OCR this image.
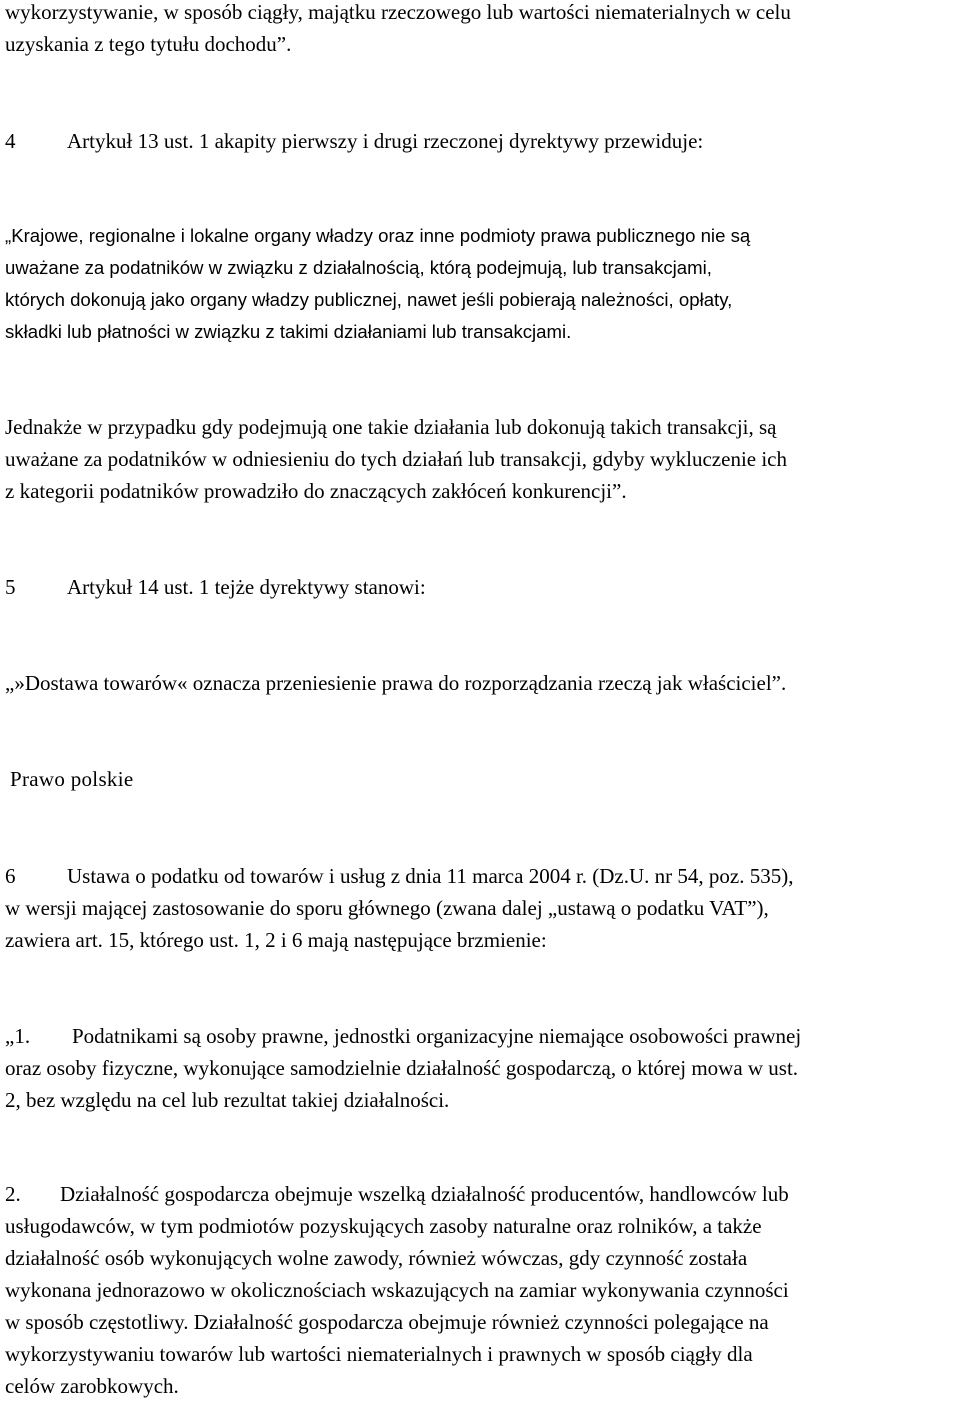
wykorzystywanie, w sposób ciągły, majątku rzeczowego lub wartości niematerialnych w celu
uzyskania z tego tytułu dochodu”.
4 Artykuł 13 ust. 1 akapity pierwszy i drugi rzeczonej dyrektywy przewiduje:
„Krajowe, regionalne i lokalne organy władzy oraz inne podmioty prawa publicznego nie są
uważane za podatników w związku z działalnością, którą podejmują, lub transakcjami,
których dokonują jako organy władzy publicznej, nawet jeśli pobierają należności, opłaty,
składki lub płatności w związku z takimi działaniami lub transakcjami.
Jednakże w przypadku gdy podejmują one takie działania lub dokonują takich transakcji, są
uważane za podatników w odniesieniu do tych działań lub transakcji, gdyby wykluczenie ich
z kategorii podatników prowadziło do znaczących zakłóceń konkurencji”.
5 Artykuł 14 ust. 1 tejże dyrektywy stanowi:
„»Dostawa towarów« oznacza przeniesienie prawa do rozporządzania rzeczą jak właściciel”.
Prawo polskie
6 Ustawa o podatku od towarów i usług z dnia 11 marca 2004 r. (Dz.U. nr 54, poz. 535),
w wersji mającej zastosowanie do sporu głównego (zwana dalej „ustawą o podatku VAT”),
zawiera art. 15, którego ust. 1, 2 i 6 mają następujące brzmienie:
„1. Podatnikami są osoby prawne, jednostki organizacyjne niemające osobowości prawnej
oraz osoby fizyczne, wykonujące samodzielnie działalność gospodarczą, o której mowa w ust.
2, bez względu na cel lub rezultat takiej działalności.
2. Działalność gospodarcza obejmuje wszelką działalność producentów, handlowców lub
usługodawców, w tym podmiotów pozyskujących zasoby naturalne oraz rolników, a także
działalność osób wykonujących wolne zawody, również wówczas, gdy czynność została
wykonana jednorazowo w okolicznościach wskazujących na zamiar wykonywania czynności
w sposób częstotliwy. Działalność gospodarcza obejmuje również czynności polegające na
wykorzystywaniu towarów lub wartości niematerialnych i prawnych w sposób ciągły dla
celów zarobkowych.
